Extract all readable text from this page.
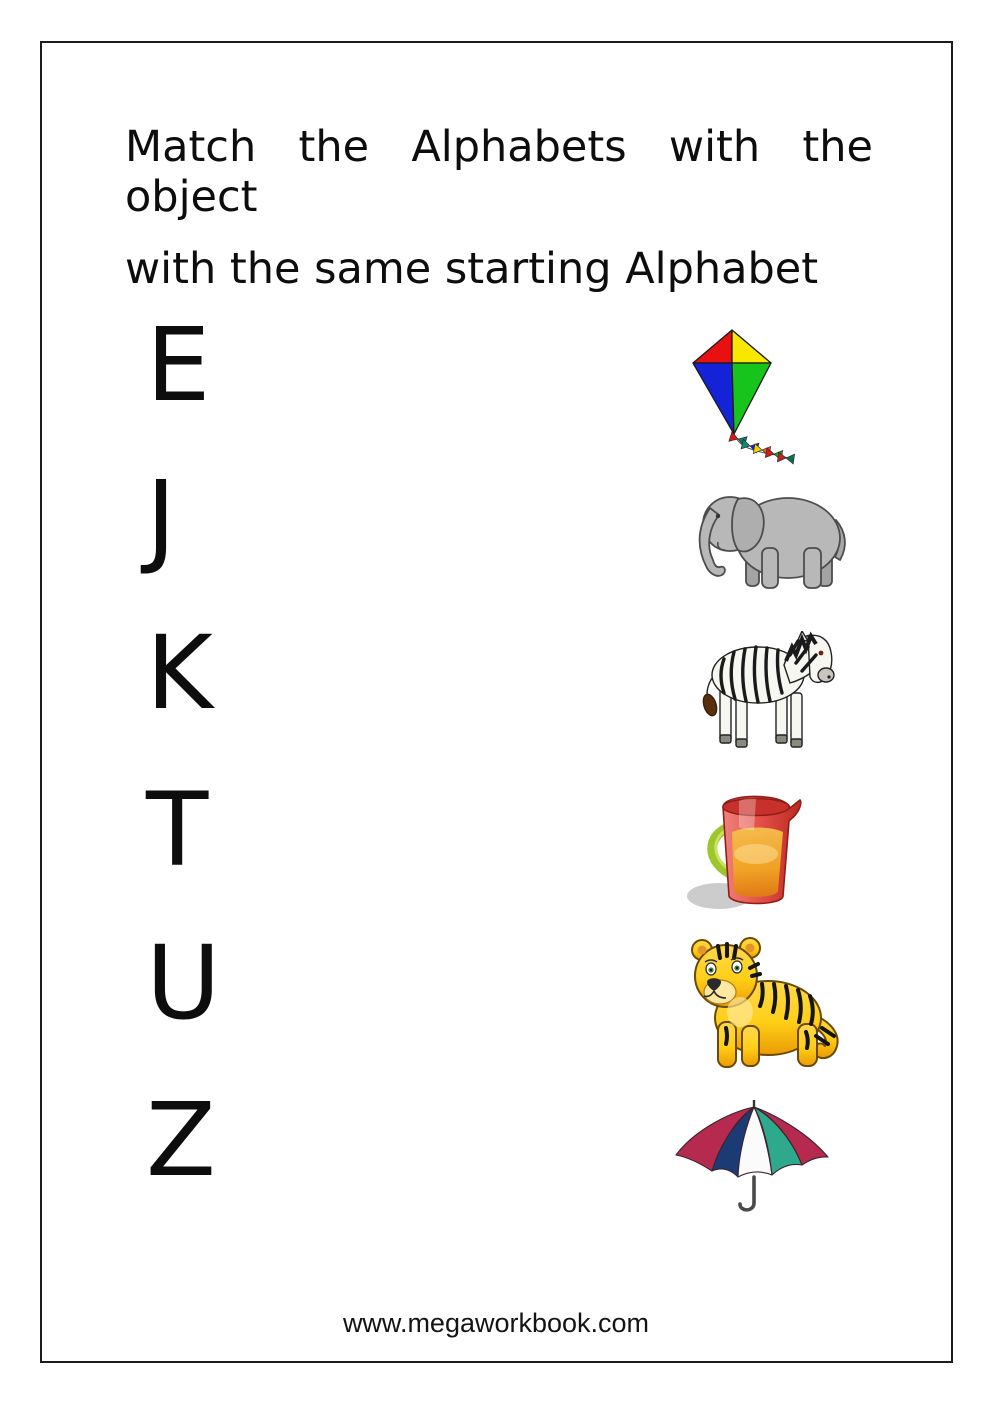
Match the Alphabets with the object
with the same starting Alphabet
E
J
K
T
U
Z
www.megaworkbook.com
